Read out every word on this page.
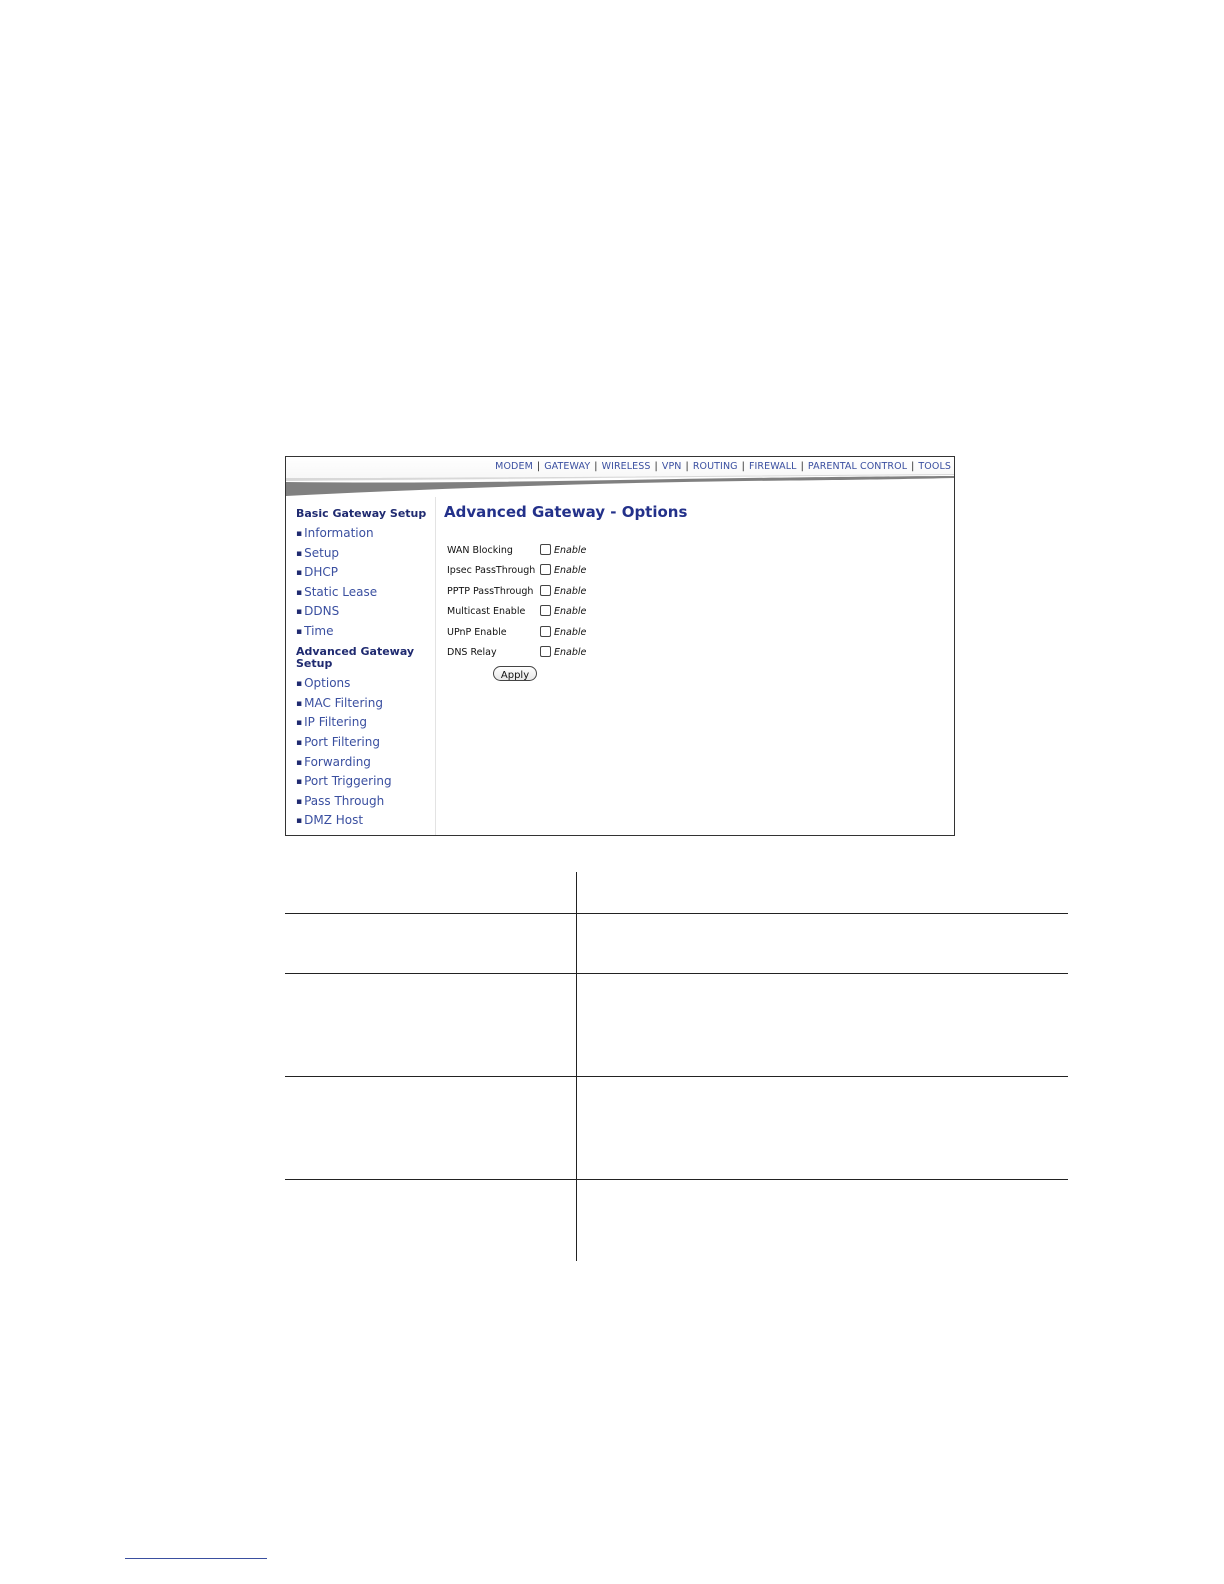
MODEM | GATEWAY | WIRELESS | VPN | ROUTING | FIREWALL | PARENTAL CONTROL | TOOLS
Basic Gateway Setup
▪ Information
▪ Setup
▪ DHCP
▪ Static Lease
▪ DDNS
▪ Time
Advanced Gateway
Setup
▪ Options
▪ MAC Filtering
▪ IP Filtering
▪ Port Filtering
▪ Forwarding
▪ Port Triggering
▪ Pass Through
▪ DMZ Host
Advanced Gateway - Options
WAN Blocking	Enable
Ipsec PassThrough Enable
PPTP PassThrough Enable
Multicast Enable	Enable
UPnP Enable	Enable
DNS Relay	Enable
Apply
